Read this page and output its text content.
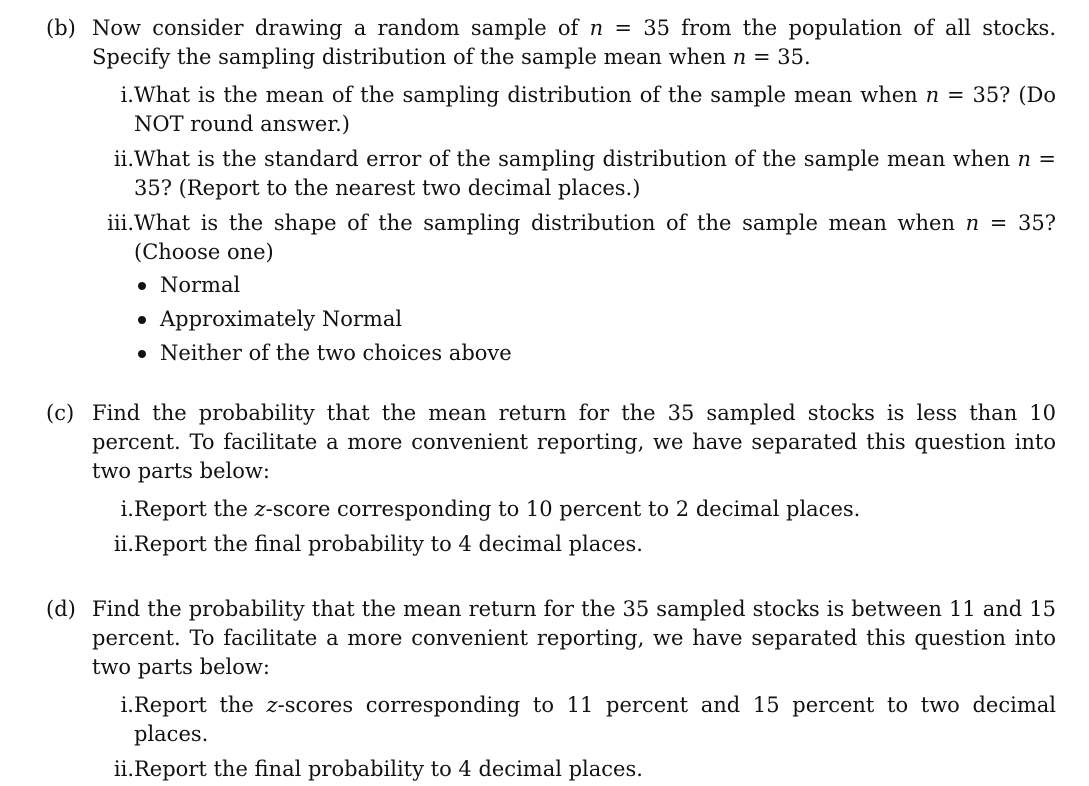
(b) Now consider drawing a random sample of n = 35 from the population of all stocks. Specify the sampling distribution of the sample mean when n = 35.
i. What is the mean of the sampling distribution of the sample mean when n = 35? (Do NOT round answer.)
ii. What is the standard error of the sampling distribution of the sample mean when n = 35? (Report to the nearest two decimal places.)
iii. What is the shape of the sampling distribution of the sample mean when n = 35? (Choose one)
Normal
Approximately Normal
Neither of the two choices above
(c) Find the probability that the mean return for the 35 sampled stocks is less than 10 percent. To facilitate a more convenient reporting, we have separated this question into two parts below:
i. Report the z-score corresponding to 10 percent to 2 decimal places.
ii. Report the final probability to 4 decimal places.
(d) Find the probability that the mean return for the 35 sampled stocks is between 11 and 15 percent. To facilitate a more convenient reporting, we have separated this question into two parts below:
i. Report the z-scores corresponding to 11 percent and 15 percent to two decimal places.
ii. Report the final probability to 4 decimal places.
